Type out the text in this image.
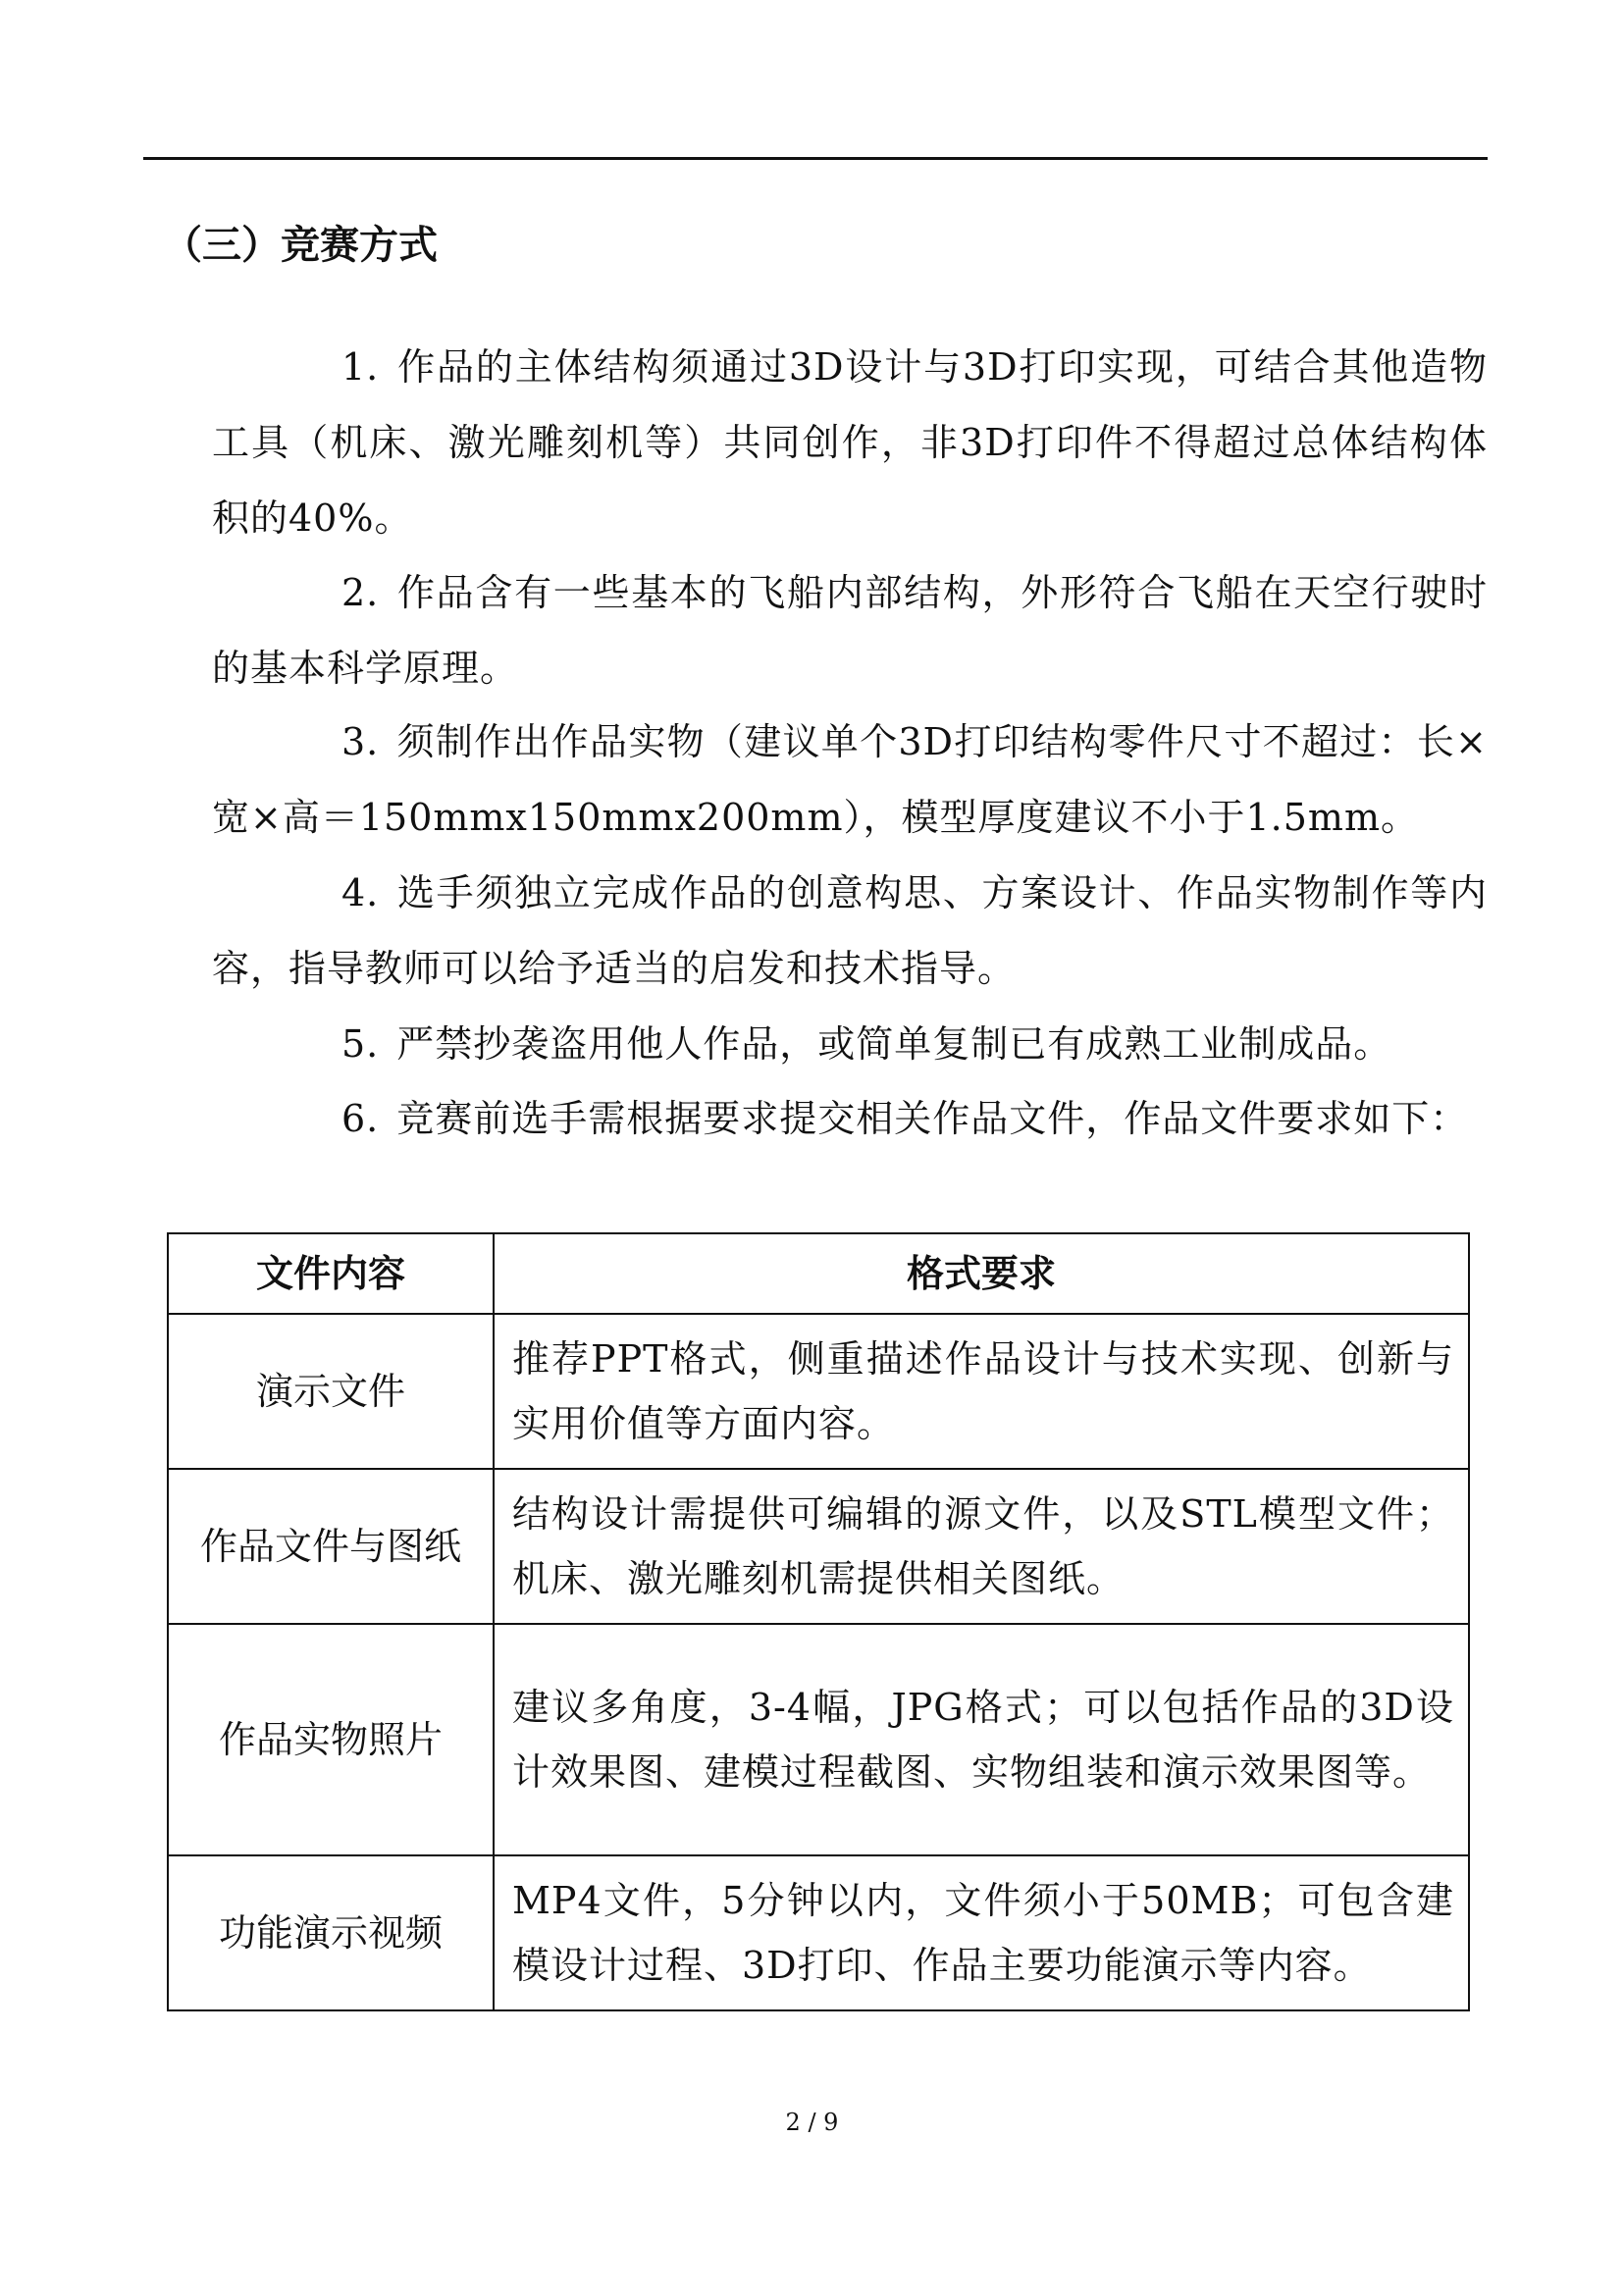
（三）竞赛方式

1. 作品的主体结构须通过3D设计与3D打印实现，可结合其他造物工具（机床、激光雕刻机等）共同创作，非3D打印件不得超过总体结构体积的40%。

2. 作品含有一些基本的飞船内部结构，外形符合飞船在天空行驶时的基本科学原理。

3. 须制作出作品实物（建议单个3D打印结构零件尺寸不超过：长×宽×高＝150mmx150mmx200mm），模型厚度建议不小于1.5mm。

4. 选手须独立完成作品的创意构思、方案设计、作品实物制作等内容，指导教师可以给予适当的启发和技术指导。

5. 严禁抄袭盗用他人作品，或简单复制已有成熟工业制成品。

6. 竞赛前选手需根据要求提交相关作品文件，作品文件要求如下：

文件内容	格式要求
演示文件	推荐PPT格式，侧重描述作品设计与技术实现、创新与实用价值等方面内容。
作品文件与图纸	结构设计需提供可编辑的源文件，以及STL模型文件；机床、激光雕刻机需提供相关图纸。
作品实物照片	建议多角度，3-4幅，JPG格式；可以包括作品的3D设计效果图、建模过程截图、实物组装和演示效果图等。
功能演示视频	MP4文件，5分钟以内，文件须小于50MB；可包含建模设计过程、3D打印、作品主要功能演示等内容。
2 / 9
